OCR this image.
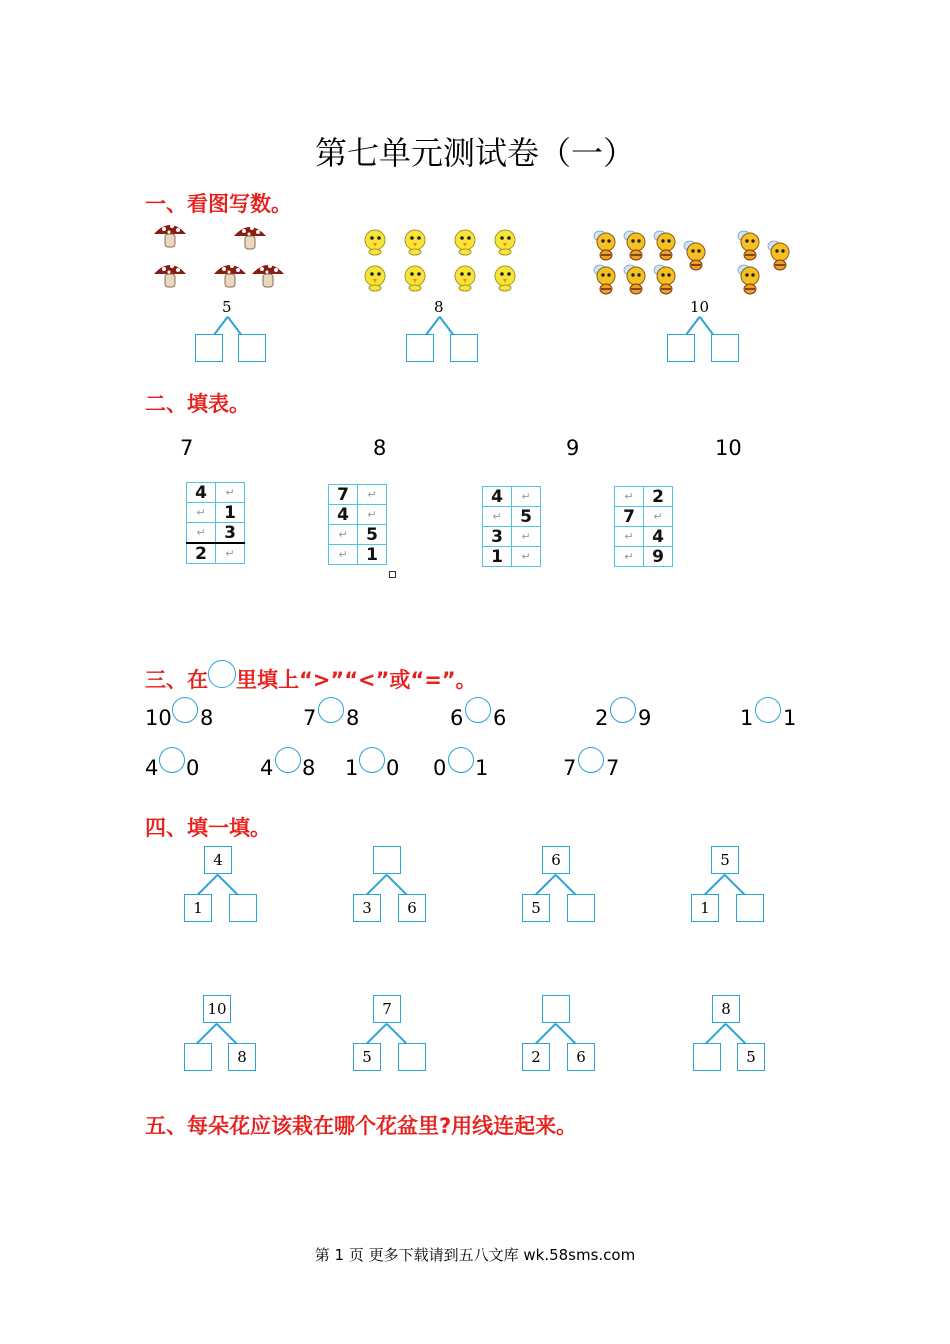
第七单元测试卷（一）
一、看图写数。
5	8	10
二、填表。
7	8	9	10
4	↵
↵	1
↵	3
2	↵
7	↵
4	↵
↵	5
↵	1
4	↵
↵	5
3	↵
1	↵
↵	2
7	↵
↵	4
↵	9
三、在 里填上“>”“<”或“=”。
10 8	7 8	6 6	2 9	1 1
4 0	4 8 1 0 0 1	7 7
四、填一填。
4
1	3	6
6
5
5
1
10
8
7
5	2	6
8
5
五、每朵花应该栽在哪个花盆里?用线连起来。
第 1 页 更多下载请到五八文库 wk.58sms.com
